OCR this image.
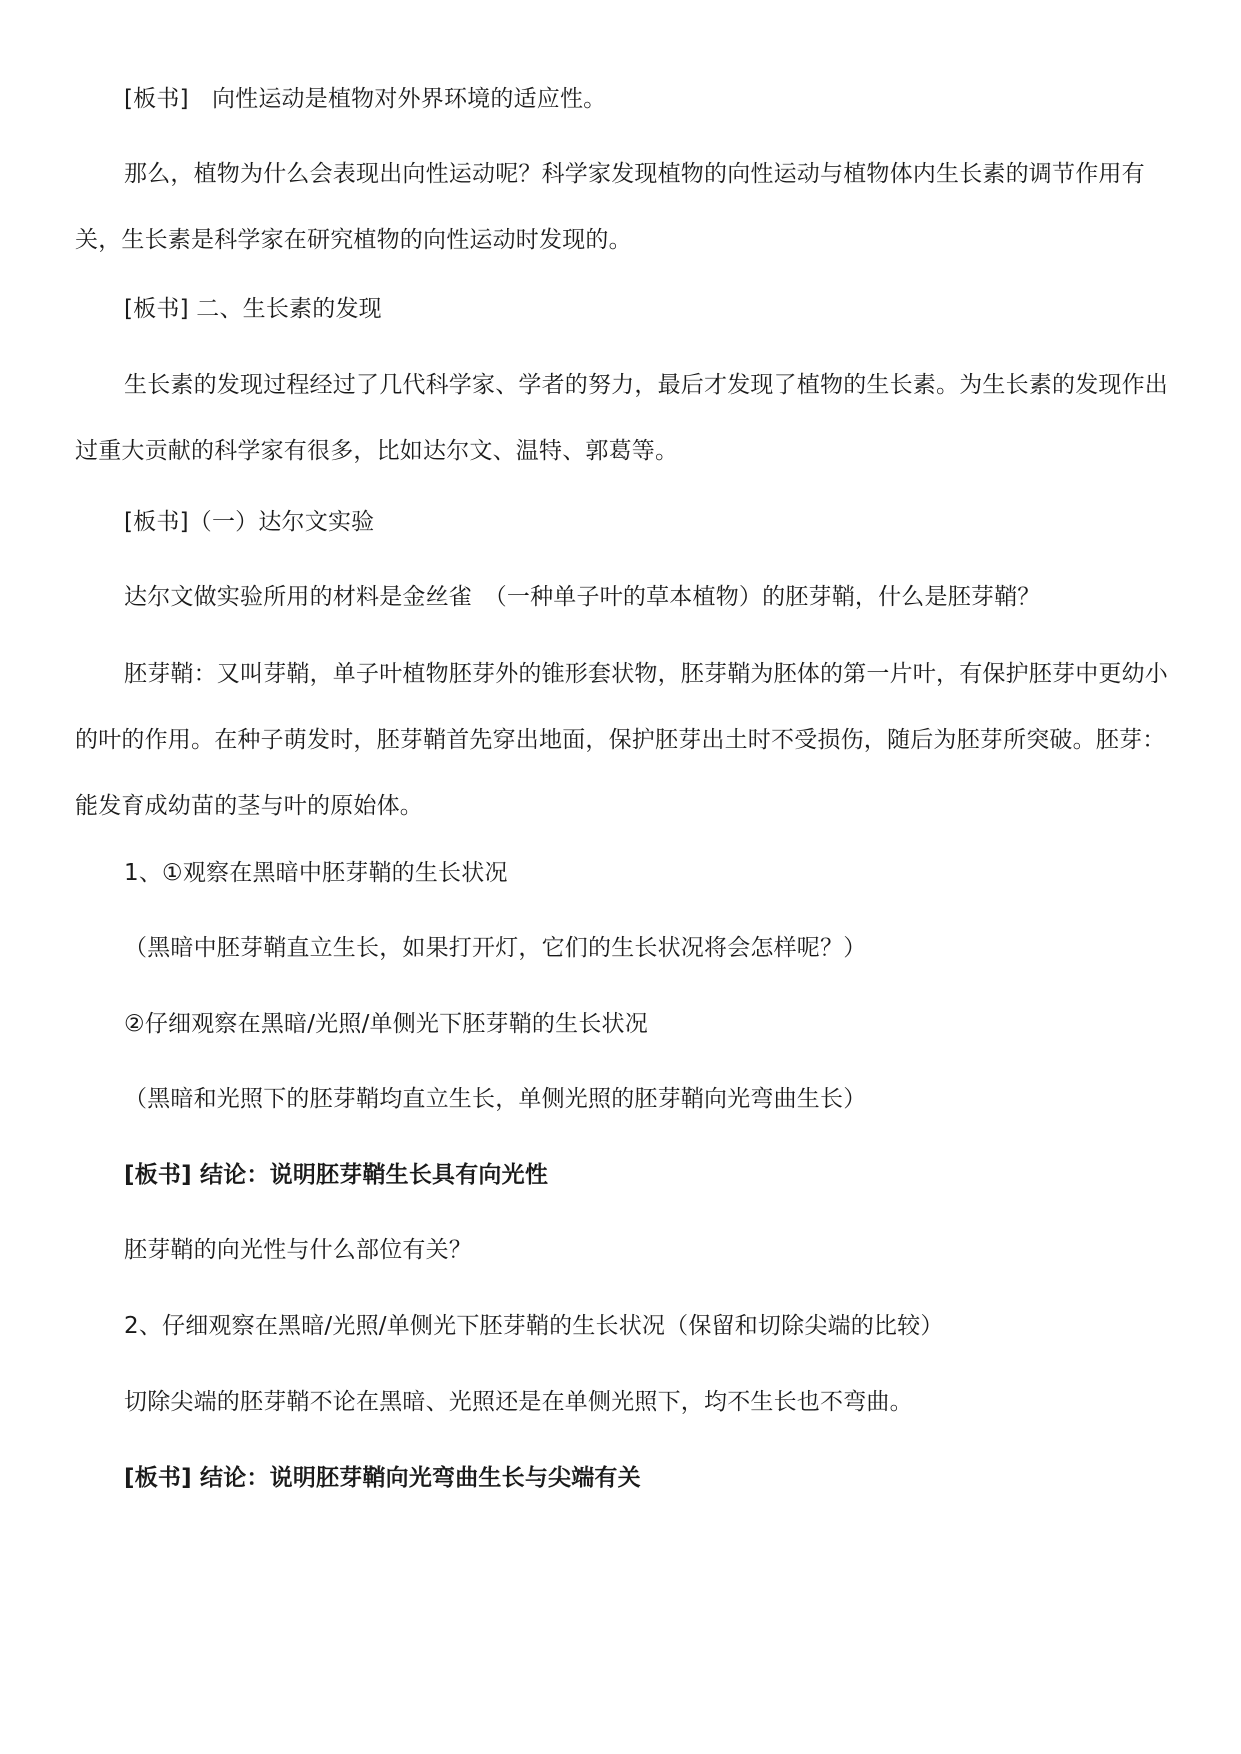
[板书]　向性运动是植物对外界环境的适应性。

那么，植物为什么会表现出向性运动呢？科学家发现植物的向性运动与植物体内生长素的调节作用有关，生长素是科学家在研究植物的向性运动时发现的。

[板书] 二、生长素的发现

生长素的发现过程经过了几代科学家、学者的努力，最后才发现了植物的生长素。为生长素的发现作出过重大贡献的科学家有很多，比如达尔文、温特、郭葛等。

[板书]（一）达尔文实验

达尔文做实验所用的材料是金丝雀　（一种单子叶的草本植物）的胚芽鞘，什么是胚芽鞘？

胚芽鞘：又叫芽鞘，单子叶植物胚芽外的锥形套状物，胚芽鞘为胚体的第一片叶，有保护胚芽中更幼小的叶的作用。在种子萌发时，胚芽鞘首先穿出地面，保护胚芽出土时不受损伤，随后为胚芽所突破。胚芽：能发育成幼苗的茎与叶的原始体。

1、①观察在黑暗中胚芽鞘的生长状况

（黑暗中胚芽鞘直立生长，如果打开灯，它们的生长状况将会怎样呢？）

②仔细观察在黑暗/光照/单侧光下胚芽鞘的生长状况

（黑暗和光照下的胚芽鞘均直立生长，单侧光照的胚芽鞘向光弯曲生长）

[板书] 结论：说明胚芽鞘生长具有向光性

胚芽鞘的向光性与什么部位有关？

2、仔细观察在黑暗/光照/单侧光下胚芽鞘的生长状况（保留和切除尖端的比较）

切除尖端的胚芽鞘不论在黑暗、光照还是在单侧光照下，均不生长也不弯曲。

[板书] 结论：说明胚芽鞘向光弯曲生长与尖端有关
